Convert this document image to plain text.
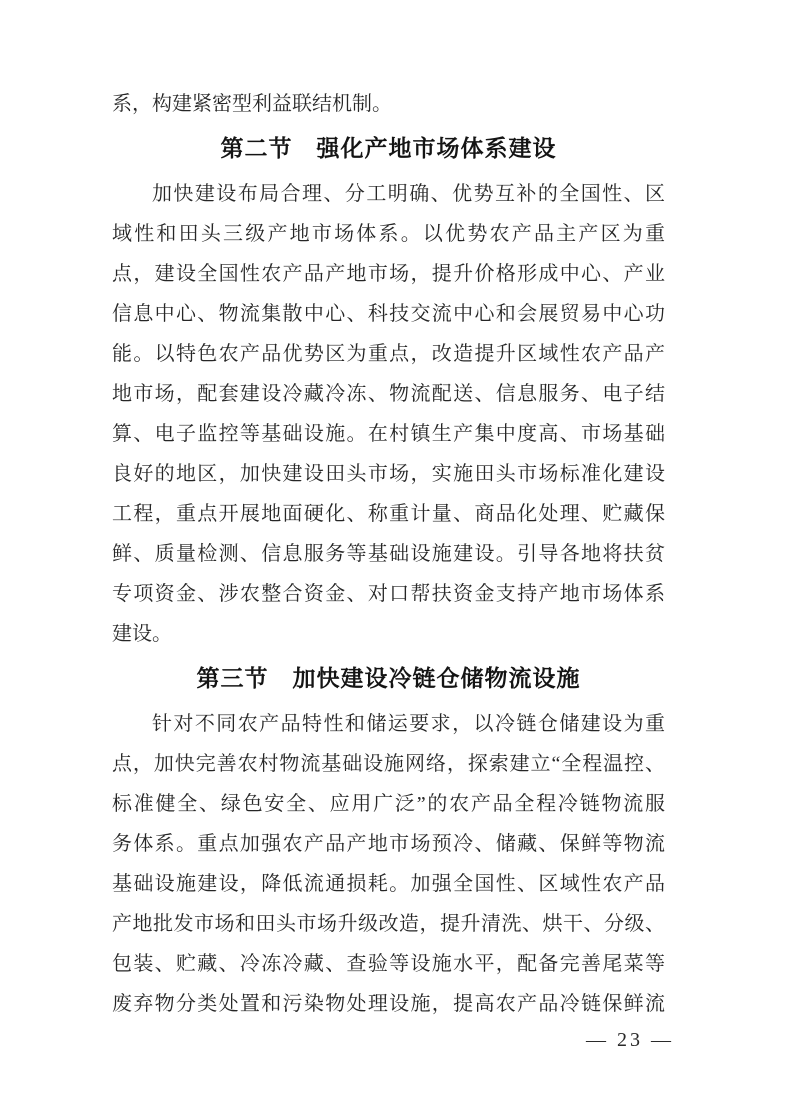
系，构建紧密型利益联结机制。
第二节　强化产地市场体系建设
加快建设布局合理、分工明确、优势互补的全国性、区
域性和田头三级产地市场体系。以优势农产品主产区为重
点，建设全国性农产品产地市场，提升价格形成中心、产业
信息中心、物流集散中心、科技交流中心和会展贸易中心功
能。以特色农产品优势区为重点，改造提升区域性农产品产
地市场，配套建设冷藏冷冻、物流配送、信息服务、电子结
算、电子监控等基础设施。在村镇生产集中度高、市场基础
良好的地区，加快建设田头市场，实施田头市场标准化建设
工程，重点开展地面硬化、称重计量、商品化处理、贮藏保
鲜、质量检测、信息服务等基础设施建设。引导各地将扶贫
专项资金、涉农整合资金、对口帮扶资金支持产地市场体系
建设。
第三节　加快建设冷链仓储物流设施
针对不同农产品特性和储运要求，以冷链仓储建设为重
点，加快完善农村物流基础设施网络，探索建立“全程温控、
标准健全、绿色安全、应用广泛”的农产品全程冷链物流服
务体系。重点加强农产品产地市场预冷、储藏、保鲜等物流
基础设施建设，降低流通损耗。加强全国性、区域性农产品
产地批发市场和田头市场升级改造，提升清洗、烘干、分级、
包装、贮藏、冷冻冷藏、查验等设施水平，配备完善尾菜等
废弃物分类处置和污染物处理设施，提高农产品冷链保鲜流
— 23 —
